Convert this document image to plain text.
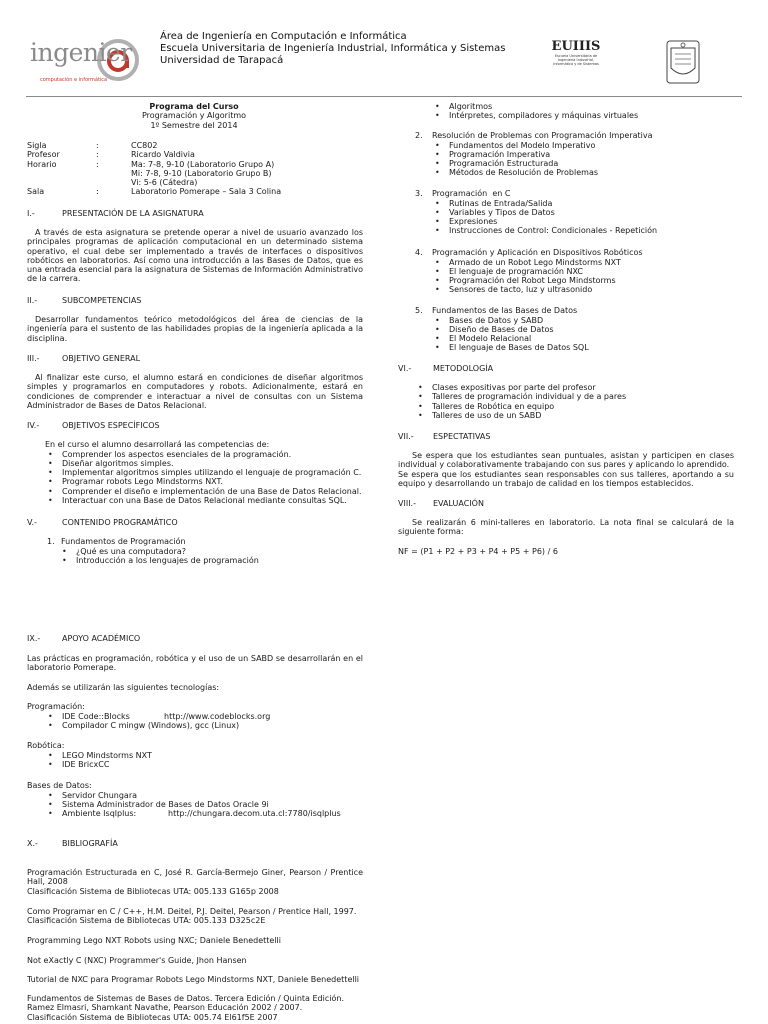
ingenier
computación e informática

Área de Ingeniería en Computación e Informática

Escuela Universitaria de Ingeniería Industrial, Informática y Sistemas

Universidad de Tarapacá

EUIIIS
Escuela Universitaria de Ingeniería Industrial, Informática y de Sistemas

Programa del Curso

Programación y Algoritmo

1º Semestre del 2014

Sigla	:	CC802
Profesor	:	Ricardo Valdivia
Horario	:	Ma: 7-8, 9-10 (Laboratorio Grupo A)
Mi: 7-8, 9-10 (Laboratorio Grupo B)
Vi: 5-6 (Cátedra)
Sala	:	Laboratorio Pomerape – Sala 3 Colina
I.-	PRESENTACIÓN DE LA ASIGNATURA

A través de esta asignatura se pretende operar a nivel de usuario avanzado los principales programas de aplicación computacional en un determinado sistema operativo, el cual debe ser implementado a través de interfaces o dispositivos robóticos en laboratorios. Así como una introducción a las Bases de Datos, que es una entrada esencial para la asignatura de Sistemas de Información Administrativo de la carrera.

II.-	SUBCOMPETENCIAS

Desarrollar fundamentos teórico metodológicos del área de ciencias de la ingeniería para el sustento de las habilidades propias de la ingeniería aplicada a la disciplina.

III.-	OBJETIVO GENERAL

Al finalizar este curso, el alumno estará en condiciones de diseñar algoritmos simples y programarlos en computadores y robots. Adicionalmente, estará en condiciones de comprender e interactuar a nivel de consultas con un Sistema Administrador de Bases de Datos Relacional.

IV.-	OBJETIVOS ESPECÍFICOS

En el curso el alumno desarrollará las competencias de:

• Comprender los aspectos esenciales de la programación.
• Diseñar algoritmos simples.
• Implementar algoritmos simples utilizando el lenguaje de programación C.
• Programar robots Lego Mindstorms NXT.
• Comprender el diseño e implementación de una Base de Datos Relacional.
• Interactuar con una Base de Datos Relacional mediante consultas SQL.
V.-	CONTENIDO PROGRAMÁTICO
1. Fundamentos de Programación
• ¿Qué es una computadora?
• Introducción a los lenguajes de programación
IX.-	APOYO ACADÉMICO

Las prácticas en programación, robótica y el uso de un SABD se desarrollarán en el laboratorio Pomerape.

Además se utilizarán las siguientes tecnologías:

Programación:

• IDE Code::Blocks	http://www.codeblocks.org
• Compilador C mingw (Windows), gcc (Linux)

Robótica:

• LEGO Mindstorms NXT
• IDE BricxCC

Bases de Datos:

• Servidor Chungara
• Sistema Administrador de Bases de Datos Oracle 9i
• Ambiente Isqlplus:	http://chungara.decom.uta.cl:7780/isqlplus
X.-	BIBLIOGRAFÍA

Programación Estructurada en C, José R. García-Bermejo Giner, Pearson / Prentice Hall, 2008

Clasificación Sistema de Bibliotecas UTA: 005.133 G165p 2008

Como Programar en C / C++, H.M. Deitel, P.J. Deitel, Pearson / Prentice Hall, 1997.

Clasificación Sistema de Bibliotecas UTA: 005.133 D325c2E

Programming Lego NXT Robots using NXC; Daniele Benedettelli

Not eXactly C (NXC) Programmer's Guide, Jhon Hansen

Tutorial de NXC para Programar Robots Lego Mindstorms NXT, Daniele Benedettelli

Fundamentos de Sistemas de Bases de Datos. Tercera Edición / Quinta Edición.

Ramez Elmasri, Shamkant Navathe, Pearson Educación 2002 / 2007.

Clasificación Sistema de Bibliotecas UTA: 005.74 El61f5E 2007

• Algoritmos
• Intérpretes, compiladores y máquinas virtuales
2. Resolución de Problemas con Programación Imperativa
• Fundamentos del Modelo Imperativo
• Programación Imperativa
• Programación Estructurada
• Métodos de Resolución de Problemas
3. Programación  en C
• Rutinas de Entrada/Salida
• Variables y Tipos de Datos
• Expresiones
• Instrucciones de Control: Condicionales - Repetición
4. Programación y Aplicación en Dispositivos Robóticos
• Armado de un Robot Lego Mindstorms NXT
• El lenguaje de programación NXC
• Programación del Robot Lego Mindstorms
• Sensores de tacto, luz y ultrasonido
5. Fundamentos de las Bases de Datos
• Bases de Datos y SABD
• Diseño de Bases de Datos
• El Modelo Relacional
• El lenguaje de Bases de Datos SQL
VI.-	METODOLOGÍA
• Clases expositivas por parte del profesor
• Talleres de programación individual y de a pares
• Talleres de Robótica en equipo
• Talleres de uso de un SABD
VII.- ESPECTATIVAS

Se espera que los estudiantes sean puntuales, asistan y participen en clases individual y colaborativamente trabajando con sus pares y aplicando lo aprendido.

Se espera que los estudiantes sean responsables con sus talleres, aportando a su equipo y desarrollando un trabajo de calidad en los tiempos establecidos.

VIII.- EVALUACIÓN

Se realizarán 6 mini-talleres en laboratorio. La nota final se calculará de la siguiente forma:

NF = (P1 + P2 + P3 + P4 + P5 + P6) / 6
